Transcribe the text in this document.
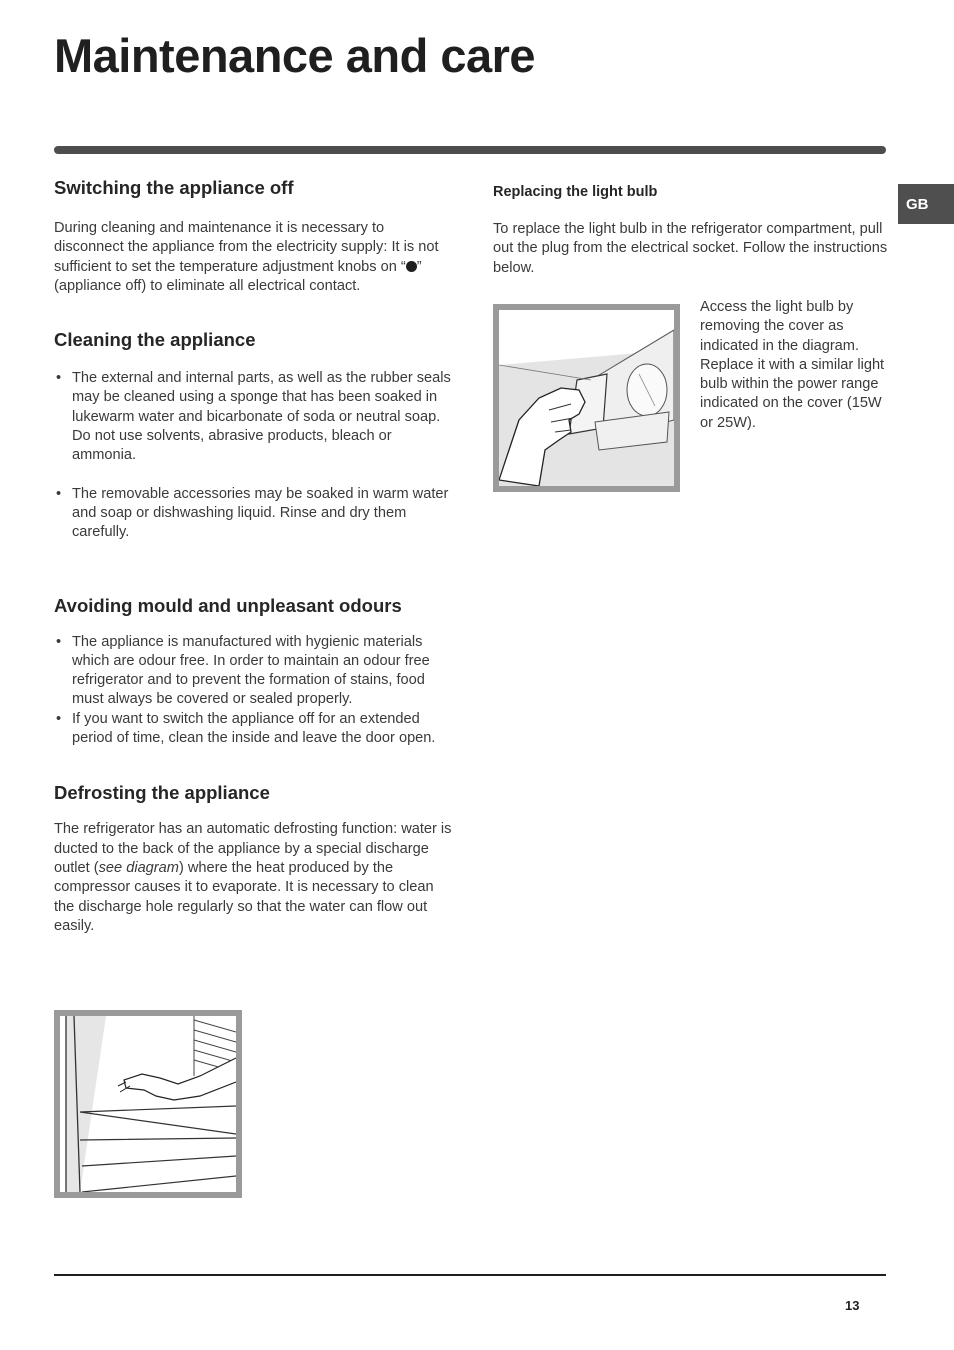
Maintenance and care
GB
Switching the appliance off

During cleaning and maintenance it is necessary to disconnect the appliance from the electricity supply: It is not sufficient to set the temperature adjustment knobs on “ ” (appliance off) to eliminate all electrical contact.

Cleaning the appliance
• The external and internal parts, as well as the rubber seals may be cleaned using a sponge that has been soaked in lukewarm water and bicarbonate of soda or neutral soap. Do not use solvents, abrasive products, bleach or ammonia.
• The removable accessories may be soaked in warm water and soap or dishwashing liquid. Rinse and dry them carefully.
Avoiding mould and unpleasant odours
• The appliance is manufactured with hygienic materials which are odour free. In order to maintain an odour free refrigerator and to prevent the formation of stains, food must always be covered or sealed properly.
• If you want to switch the appliance off for an extended period of time, clean the inside and leave the door open.
Defrosting the appliance

The refrigerator has an automatic defrosting function: water is ducted to the back of the appliance by a special discharge outlet (see diagram) where the heat produced by the compressor causes it to evaporate. It is necessary to clean the discharge hole regularly so that the water can flow out easily.

Replacing the light bulb

To replace the light bulb in the refrigerator compartment, pull out the plug from the electrical socket. Follow the instructions below.

Access the light bulb by removing the cover as indicated in the diagram. Replace it with a similar light bulb within the power range indicated on the cover (15W or 25W).

13
